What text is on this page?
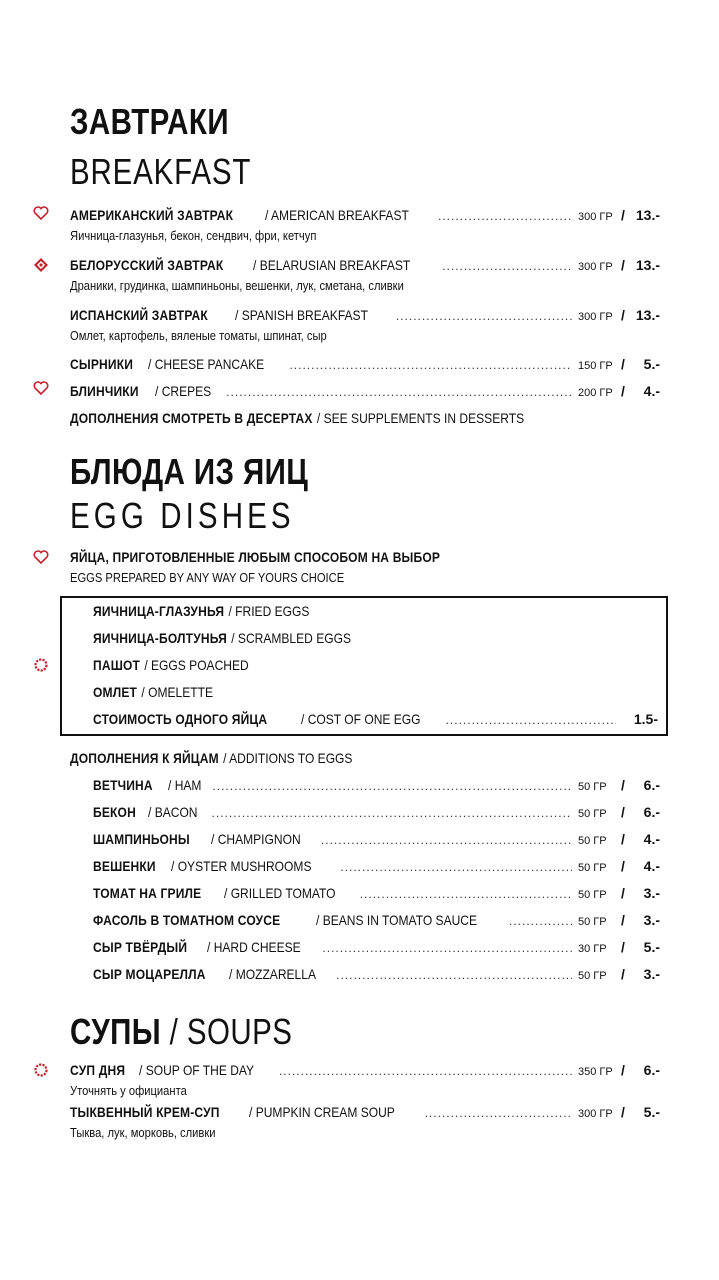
ЗАВТРАКИ
BREAKFAST
АМЕРИКАНСКИЙ ЗАВТРАК / AMERICAN BREAKFAST .....	300 ГР / 13.-
Яичница-глазунья, бекон, сендвич, фри, кетчуп
БЕЛОРУССКИЙ ЗАВТРАК / BELARUSIAN BREAKFAST .....	300 ГР / 13.-
Драники, грудинка, шампиньоны, вешенки, лук, сметана, сливки
ИСПАНСКИЙ ЗАВТРАК / SPANISH BREAKFAST .....	300 ГР / 13.-
Омлет, картофель, вяленые томаты, шпинат, сыр
СЫРНИКИ / CHEESE PANCAKE .....	150 ГР /	5.-
БЛИНЧИКИ / CREPES .....	200 ГР /	4.-
ДОПОЛНЕНИЯ СМОТРЕТЬ В ДЕСЕРТАХ / SEE SUPPLEMENTS IN DESSERTS
БЛЮДА ИЗ ЯИЦ
EGG DISHES
ЯЙЦА, ПРИГОТОВЛЕННЫЕ ЛЮБЫМ СПОСОБОМ НА ВЫБОР
EGGS PREPARED BY ANY WAY OF YOURS CHOICE
ЯИЧНИЦА-ГЛАЗУНЬЯ / FRIED EGGS
ЯИЧНИЦА-БОЛТУНЬЯ / SCRAMBLED EGGS
ПАШОТ / EGGS POACHED
ОМЛЕТ / OMELETTE
СТОИМОСТЬ ОДНОГО ЯЙЦА / COST OF ONE EGG .....	1.5-
ДОПОЛНЕНИЯ К ЯЙЦАМ / ADDITIONS TO EGGS
ВЕТЧИНА / HAM .....	50 ГР	/	6.-
БЕКОН / BACON .....	50 ГР	/	6.-
ШАМПИНЬОНЫ / CHAMPIGNON .....	50 ГР	/	4.-
ВЕШЕНКИ / OYSTER MUSHROOMS .....	50 ГР	/	4.-
ТОМАТ НА ГРИЛЕ / GRILLED TOMATO .....	50 ГР	/	3.-
ФАСОЛЬ В ТОМАТНОМ СОУСЕ	/ BEANS IN TOMATO SAUCE .....	50 ГР	/	3.-
СЫР ТВЁРДЫЙ / HARD CHEESE .....	30 ГР	/	5.-
СЫР МОЦАРЕЛЛА / MOZZARELLA .....	50 ГР	/	3.-
СУПЫ / SOUPS
СУП ДНЯ / SOUP OF THE DAY .....	350 ГР /	6.-
Уточнять у официанта
ТЫКВЕННЫЙ КРЕМ-СУП / PUMPKIN CREAM SOUP .....	300 ГР /	5.-
Тыква, лук, морковь, сливки
